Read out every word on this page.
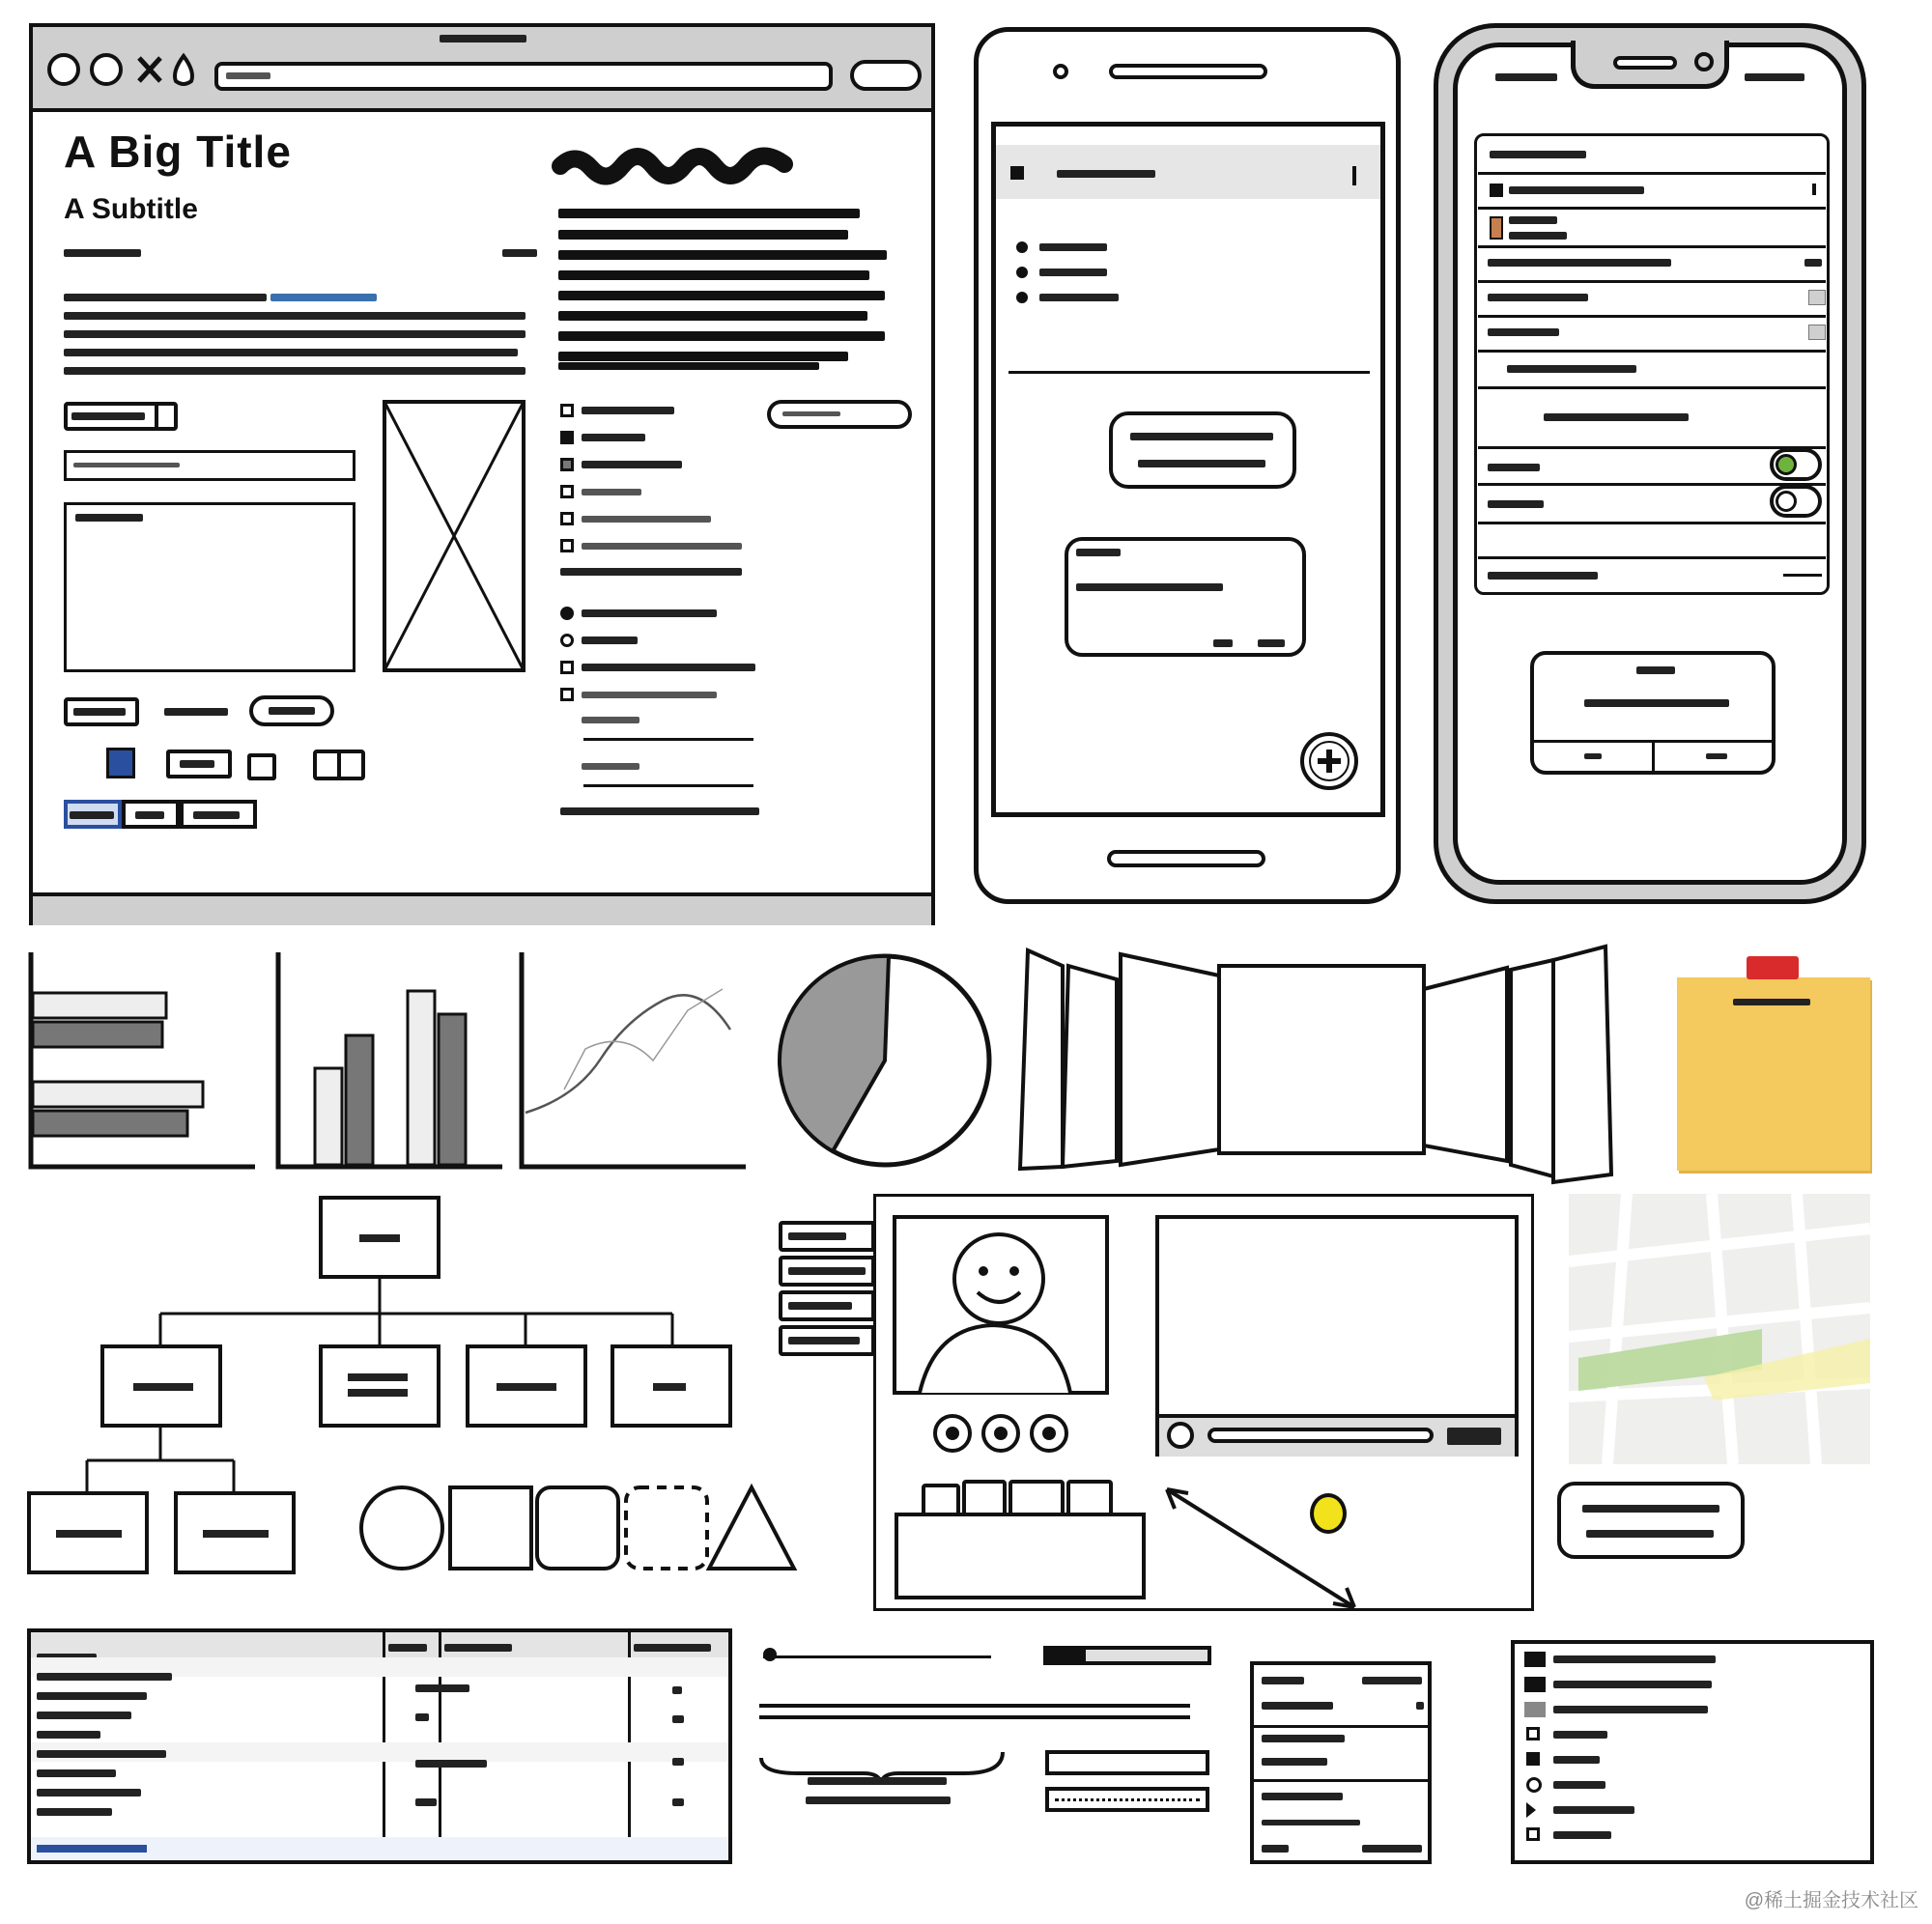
A Big Title
A Subtitle
@稀土掘金技术社区
